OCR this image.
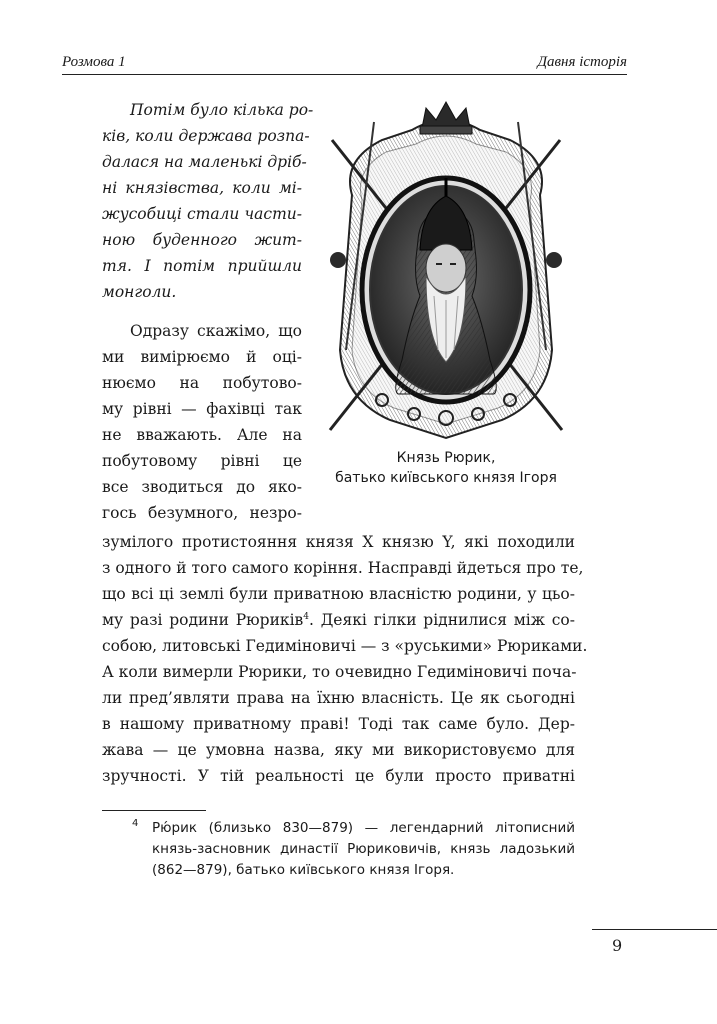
Розмова 1	Давня історія
Потім було кілька ро-
ків, коли держава розпа-
далася на маленькі дріб-
ні князівства, коли мі-
жусобиці стали части-
ною буденного жит-
тя. І потім прийшли
монголи.
Одразу скажімо, що
ми вимірюємо й оці-
нюємо на побутово-
му рівні — фахівці так
не вважають. Але на
побутовому рівні це
все зводиться до яко-
гось безумного, незро-
зумілого протистояння князя Х князю Y, які походили
з одного й того самого коріння. Насправді йдеться про те,
що всі ці землі були приватною власністю родини, у цьо-
му разі родини Рюриків$^4$. Деякі гілки ріднилися між со-
собою, литовські Гедиміновичі — з «руськими» Рюриками.
А коли вимерли Рюрики, то очевидно Гедиміновичі поча-
ли пред’являти права на їхню власність. Це як сьогодні
в нашому приватному праві! Тоді так саме було. Дер-
жава — це умовна назва, яку ми використовуємо для
зручності. У тій реальності це були просто приватні
Князь Рюрик,
батько київського князя Ігоря
4 Рю́рик (близько 830—879) — легендарний літописний
князь-засновник династії Рюриковичів, князь ладозький
(862—879), батько київського князя Ігоря.
9
